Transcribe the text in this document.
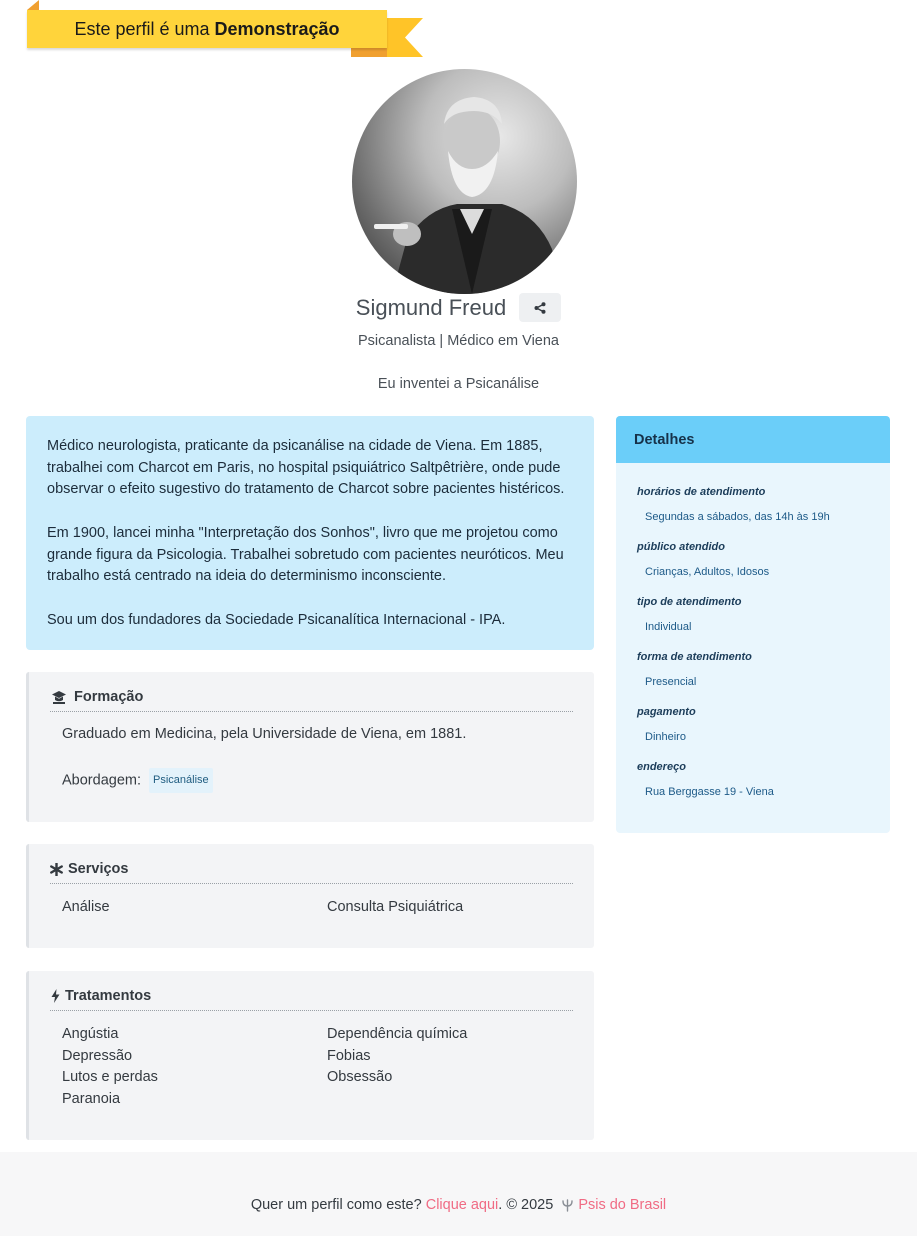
Este perfil é uma Demonstração
Sigmund Freud
Psicanalista | Médico em Viena
Eu inventei a Psicanálise

Médico neurologista, praticante da psicanálise na cidade de Viena. Em 1885, trabalhei com Charcot em Paris, no hospital psiquiátrico Saltpêtrière, onde pude observar o efeito sugestivo do tratamento de Charcot sobre pacientes histéricos.

Em 1900, lancei minha "Interpretação dos Sonhos", livro que me projetou como grande figura da Psicologia. Trabalhei sobretudo com pacientes neuróticos. Meu trabalho está centrado na ideia do determinismo inconsciente.

Sou um dos fundadores da Sociedade Psicanalítica Internacional - IPA.

Formação
Graduado em Medicina, pela Universidade de Viena, em 1881.
Abordagem: Psicanálise
Serviços
Análise	Consulta Psiquiátrica
Tratamentos
Angústia	Dependência química
Depressão	Fobias
Lutos e perdas	Obsessão
Paranoia
Detalhes
horários de atendimento
Segundas a sábados, das 14h às 19h
público atendido
Crianças, Adultos, Idosos
tipo de atendimento
Individual
forma de atendimento
Presencial
pagamento
Dinheiro
endereço
Rua Berggasse 19 - Viena
Quer um perfil como este?
Clique aqui . © 2025 Psis do Brasil
